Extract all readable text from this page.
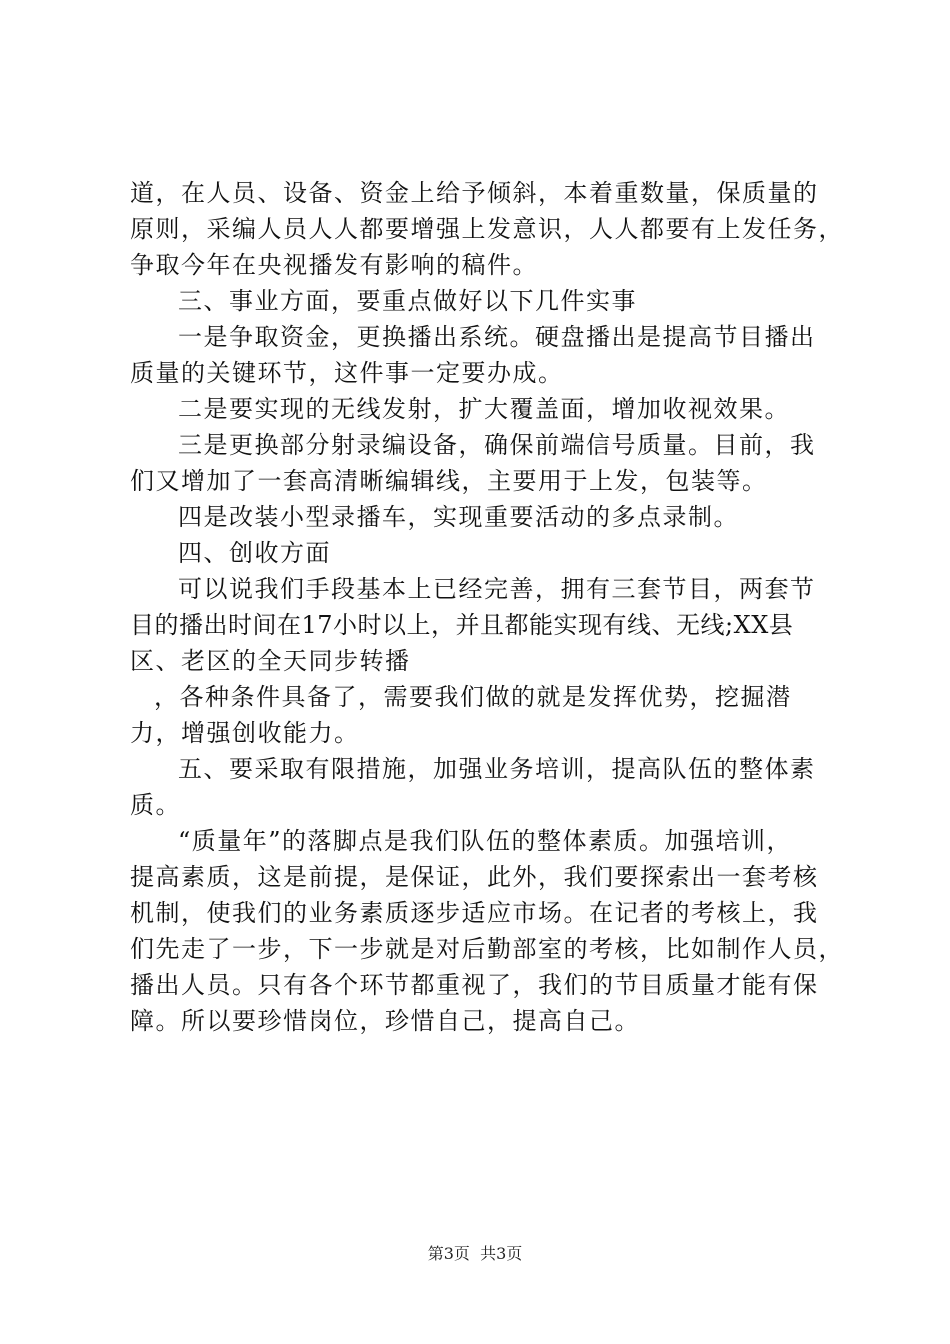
道，在人员、设备、资金上给予倾斜，本着重数量，保质量的
原则，采编人员人人都要增强上发意识，人人都要有上发任务，
争取今年在央视播发有影响的稿件。
三、事业方面，要重点做好以下几件实事
一是争取资金，更换播出系统。硬盘播出是提高节目播出
质量的关键环节，这件事一定要办成。
二是要实现的无线发射，扩大覆盖面，增加收视效果。
三是更换部分射录编设备，确保前端信号质量。目前，我
们又增加了一套高清晰编辑线，主要用于上发，包装等。
四是改装小型录播车，实现重要活动的多点录制。
四、创收方面
可以说我们手段基本上已经完善，拥有三套节目，两套节
目的播出时间在17小时以上，并且都能实现有线、无线;XX县
区、老区的全天同步转播
，各种条件具备了，需要我们做的就是发挥优势，挖掘潜
力，增强创收能力。
五、要采取有限措施，加强业务培训，提高队伍的整体素
质。
“质量年”的落脚点是我们队伍的整体素质。加强培训，
提高素质，这是前提，是保证，此外，我们要探索出一套考核
机制，使我们的业务素质逐步适应市场。在记者的考核上，我
们先走了一步，下一步就是对后勤部室的考核，比如制作人员，
播出人员。只有各个环节都重视了，我们的节目质量才能有保
障。所以要珍惜岗位，珍惜自己，提高自己。
第3页  共3页
